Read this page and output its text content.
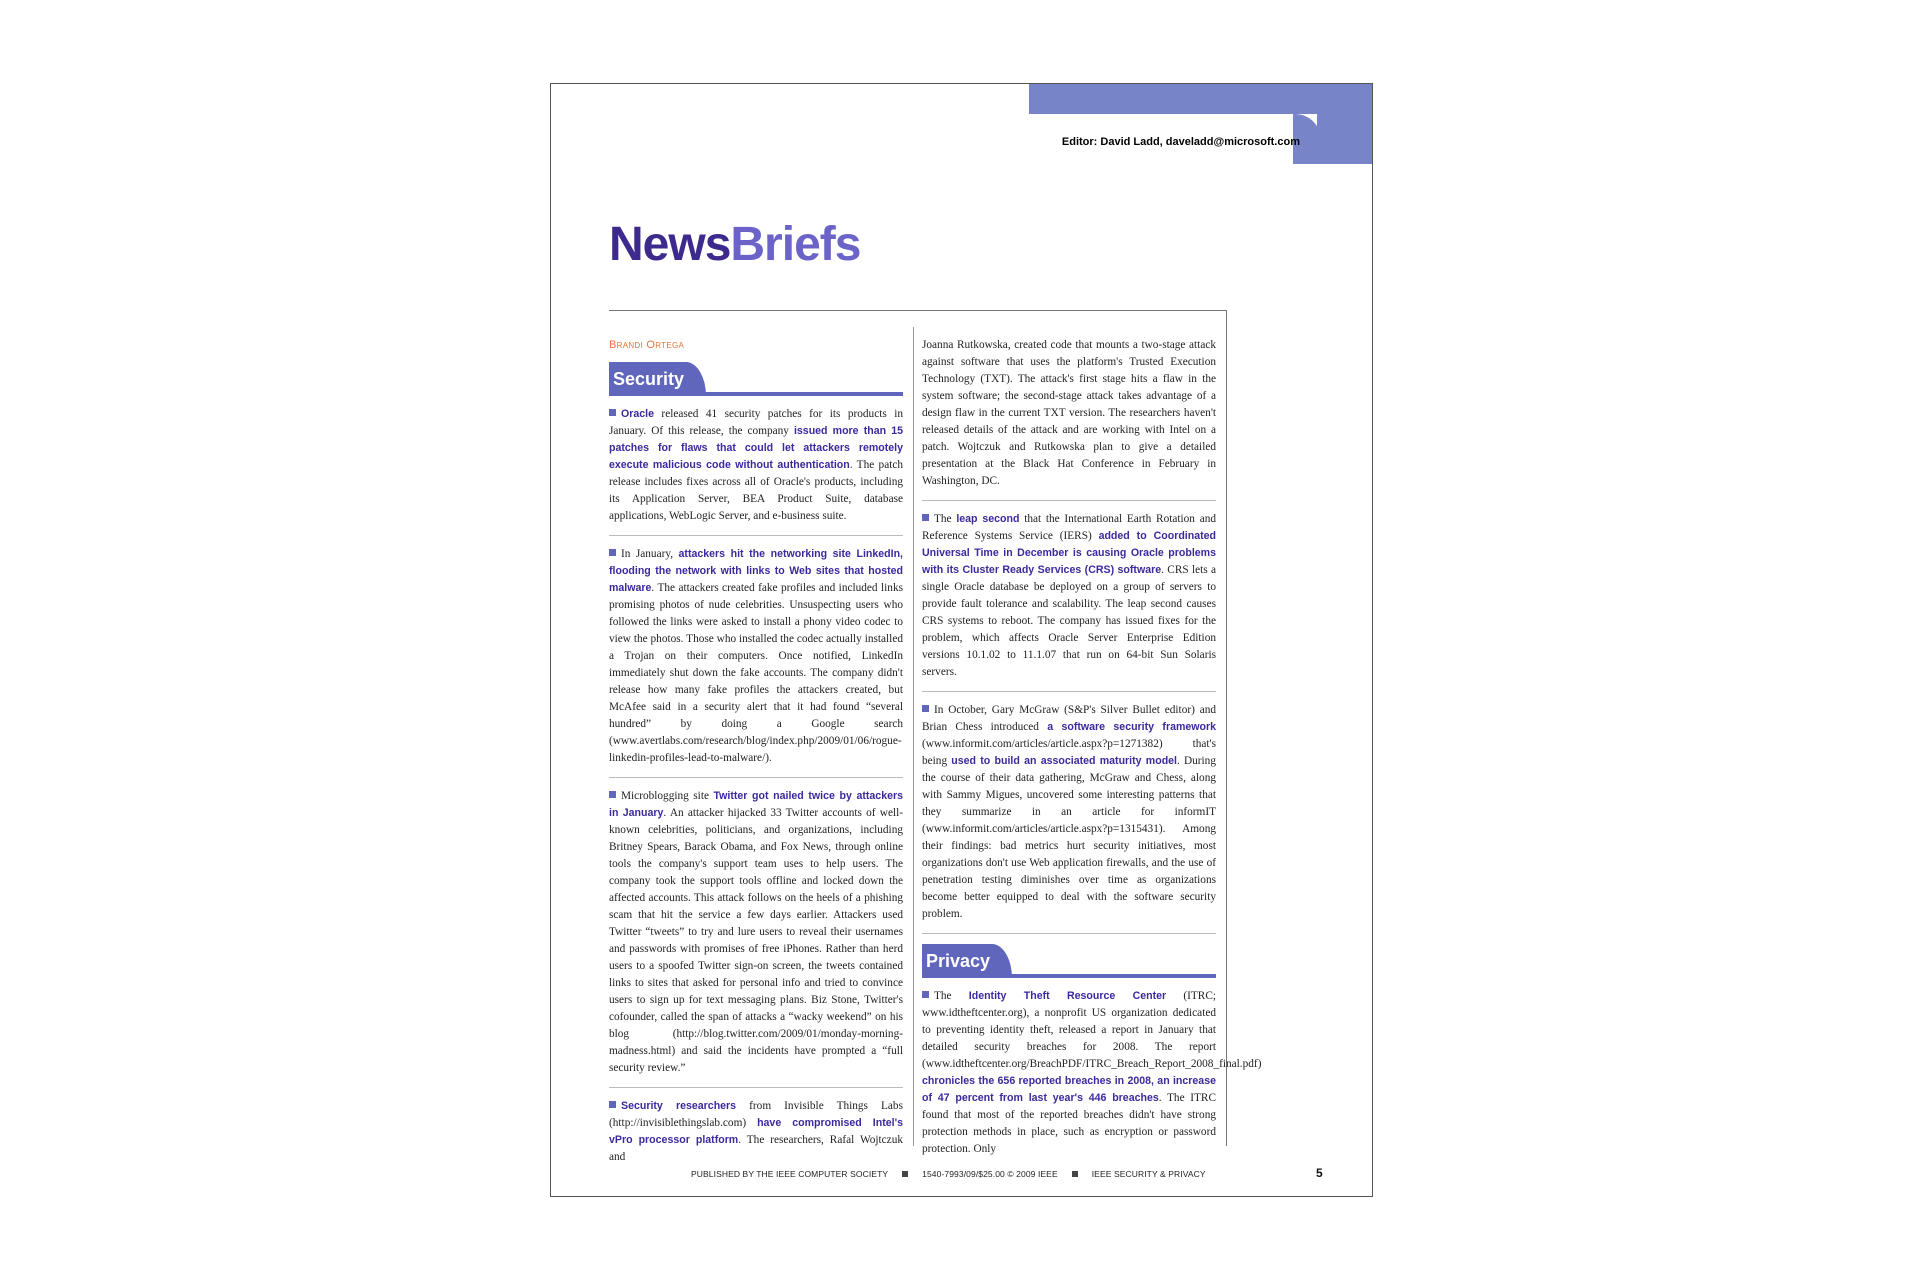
Editor: David Ladd, daveladd@microsoft.com
NewsBriefs
Brandi Ortega
Security
Oracle released 41 security patches for its products in January. Of this release, the company issued more than 15 patches for flaws that could let attackers remotely execute malicious code without authentication. The patch release includes fixes across all of Oracle's products, including its Application Server, BEA Product Suite, database applications, WebLogic Server, and e-business suite.
In January, attackers hit the networking site LinkedIn, flooding the network with links to Web sites that hosted malware. The attackers created fake profiles and included links promising photos of nude celebrities. Unsuspecting users who followed the links were asked to install a phony video codec to view the photos. Those who installed the codec actually installed a Trojan on their computers. Once notified, LinkedIn immediately shut down the fake accounts. The company didn't release how many fake profiles the attackers created, but McAfee said in a security alert that it had found “several hundred” by doing a Google search (www.avertlabs.com/research/blog/index.php/2009/01/06/rogue-linkedin-profiles-lead-to-malware/).
Microblogging site Twitter got nailed twice by attackers in January. An attacker hijacked 33 Twitter accounts of well-known celebrities, politicians, and organizations, including Britney Spears, Barack Obama, and Fox News, through online tools the company's support team uses to help users. The company took the support tools offline and locked down the affected accounts. This attack follows on the heels of a phishing scam that hit the service a few days earlier. Attackers used Twitter “tweets” to try and lure users to reveal their usernames and passwords with promises of free iPhones. Rather than herd users to a spoofed Twitter sign-on screen, the tweets contained links to sites that asked for personal info and tried to convince users to sign up for text messaging plans. Biz Stone, Twitter's cofounder, called the span of attacks a “wacky weekend” on his blog (http://blog.twitter.com/2009/01/monday-morning-madness.html) and said the incidents have prompted a “full security review.”
Security researchers from Invisible Things Labs (http://invisiblethingslab.com) have compromised Intel's vPro processor platform. The researchers, Rafal Wojtczuk and
Joanna Rutkowska, created code that mounts a two-stage attack against software that uses the platform's Trusted Execution Technology (TXT). The attack's first stage hits a flaw in the system software; the second-stage attack takes advantage of a design flaw in the current TXT version. The researchers haven't released details of the attack and are working with Intel on a patch. Wojtczuk and Rutkowska plan to give a detailed presentation at the Black Hat Conference in February in Washington, DC.
The leap second that the International Earth Rotation and Reference Systems Service (IERS) added to Coordinated Universal Time in December is causing Oracle problems with its Cluster Ready Services (CRS) software. CRS lets a single Oracle database be deployed on a group of servers to provide fault tolerance and scalability. The leap second causes CRS systems to reboot. The company has issued fixes for the problem, which affects Oracle Server Enterprise Edition versions 10.1.02 to 11.1.07 that run on 64-bit Sun Solaris servers.
In October, Gary McGraw (S&P's Silver Bullet editor) and Brian Chess introduced a software security framework (www.informit.com/articles/article.aspx?p=1271382) that's being used to build an associated maturity model. During the course of their data gathering, McGraw and Chess, along with Sammy Migues, uncovered some interesting patterns that they summarize in an article for informIT (www.informit.com/articles/article.aspx?p=1315431). Among their findings: bad metrics hurt security initiatives, most organizations don't use Web application firewalls, and the use of penetration testing diminishes over time as organizations become better equipped to deal with the software security problem.
Privacy
The Identity Theft Resource Center (ITRC; www.idtheftcenter.org), a nonprofit US organization dedicated to preventing identity theft, released a report in January that detailed security breaches for 2008. The report (www.idtheftcenter.org/BreachPDF/ITRC_Breach_Report_2008_final.pdf) chronicles the 656 reported breaches in 2008, an increase of 47 percent from last year's 446 breaches. The ITRC found that most of the reported breaches didn't have strong protection methods in place, such as encryption or password protection. Only
PUBLISHED BY THE IEEE COMPUTER SOCIETY	1540-7993/09/$25.00 © 2009 IEEE	IEEE SECURITY & PRIVACY	5
